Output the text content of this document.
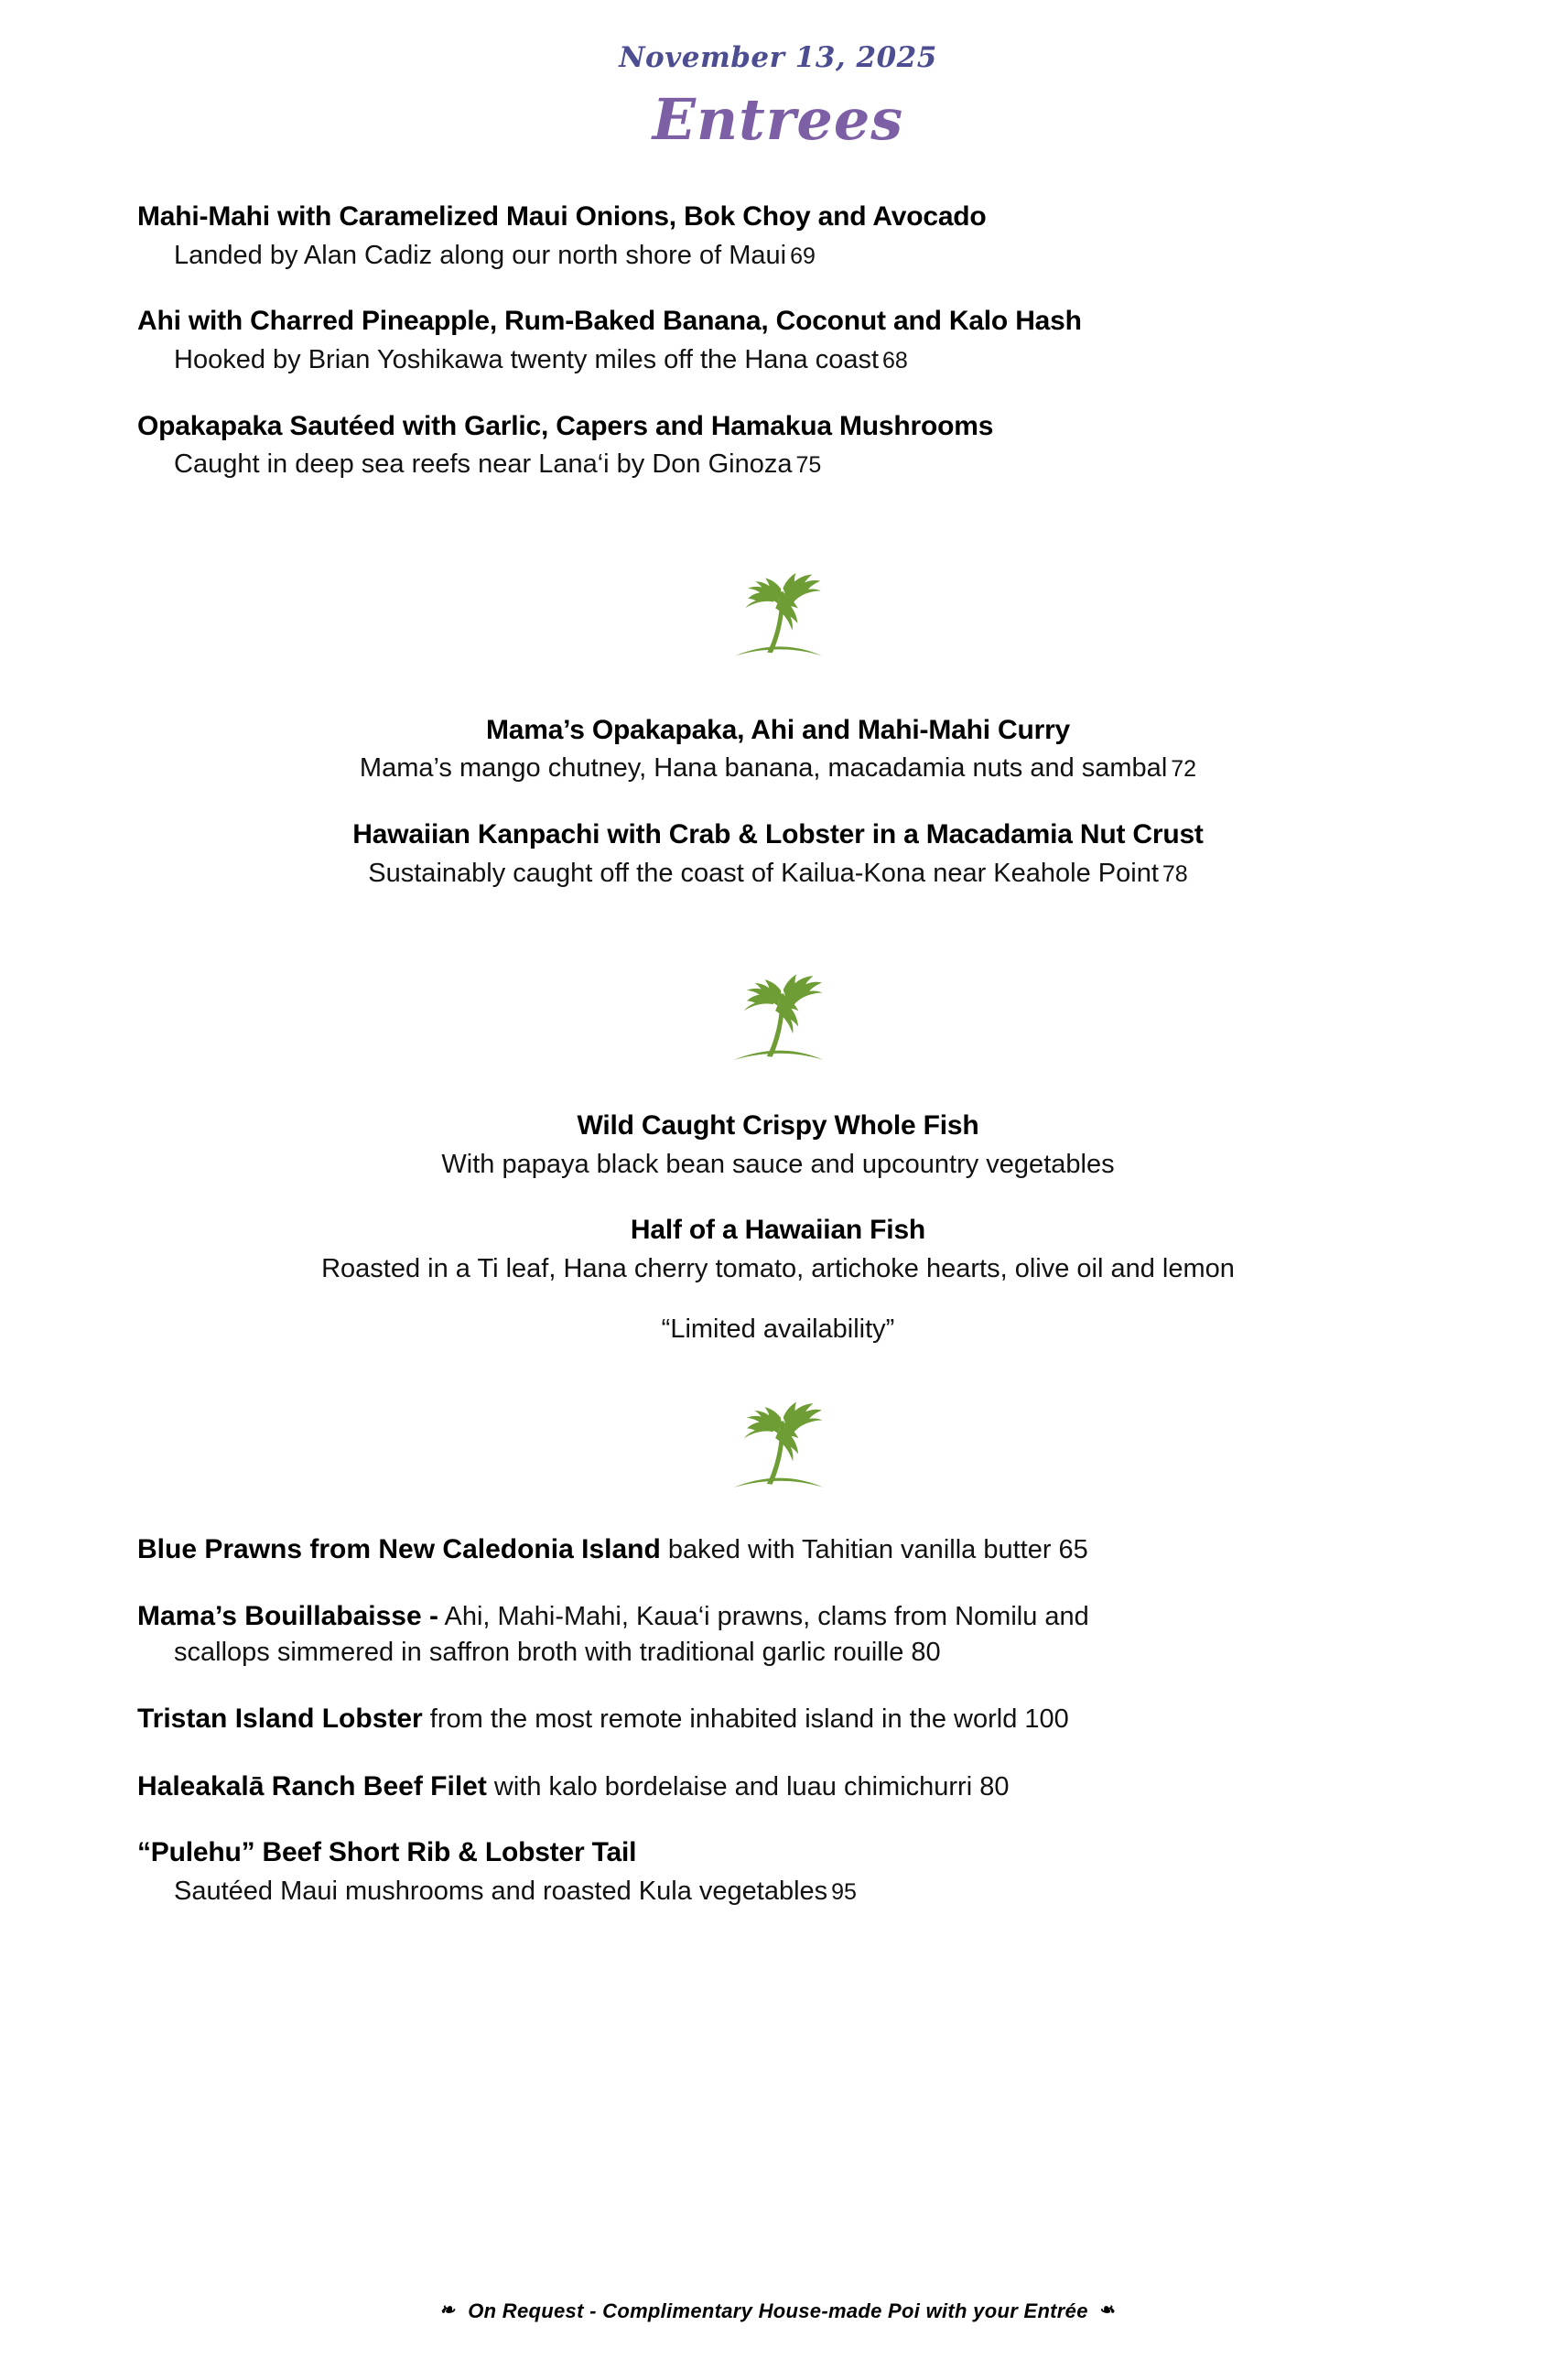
November 13, 2025
Entrees
Mahi-Mahi with Caramelized Maui Onions, Bok Choy and Avocado
Landed by Alan Cadiz along our north shore of Maui 69
Ahi with Charred Pineapple, Rum-Baked Banana, Coconut and Kalo Hash
Hooked by Brian Yoshikawa twenty miles off the Hana coast 68
Opakapaka Sautéed with Garlic, Capers and Hamakua Mushrooms
Caught in deep sea reefs near Lana‘i by Don Ginoza 75
Mama’s Opakapaka, Ahi and Mahi-Mahi Curry
Mama’s mango chutney, Hana banana, macadamia nuts and sambal 72
Hawaiian Kanpachi with Crab & Lobster in a Macadamia Nut Crust
Sustainably caught off the coast of Kailua-Kona near Keahole Point 78
Wild Caught Crispy Whole Fish
With papaya black bean sauce and upcountry vegetables
Half of a Hawaiian Fish
Roasted in a Ti leaf, Hana cherry tomato, artichoke hearts, olive oil and lemon
“Limited availability”
Blue Prawns from New Caledonia Island baked with Tahitian vanilla butter 65
Mama’s Bouillabaisse - Ahi, Mahi-Mahi, Kaua‘i prawns, clams from Nomilu and
scallops simmered in saffron broth with traditional garlic rouille 80
Tristan Island Lobster from the most remote inhabited island in the world 100
Haleakalā Ranch Beef Filet with kalo bordelaise and luau chimichurri 80
“Pulehu” Beef Short Rib & Lobster Tail
Sautéed Maui mushrooms and roasted Kula vegetables 95
❧ On Request - Complimentary House-made Poi with your Entrée ❧
